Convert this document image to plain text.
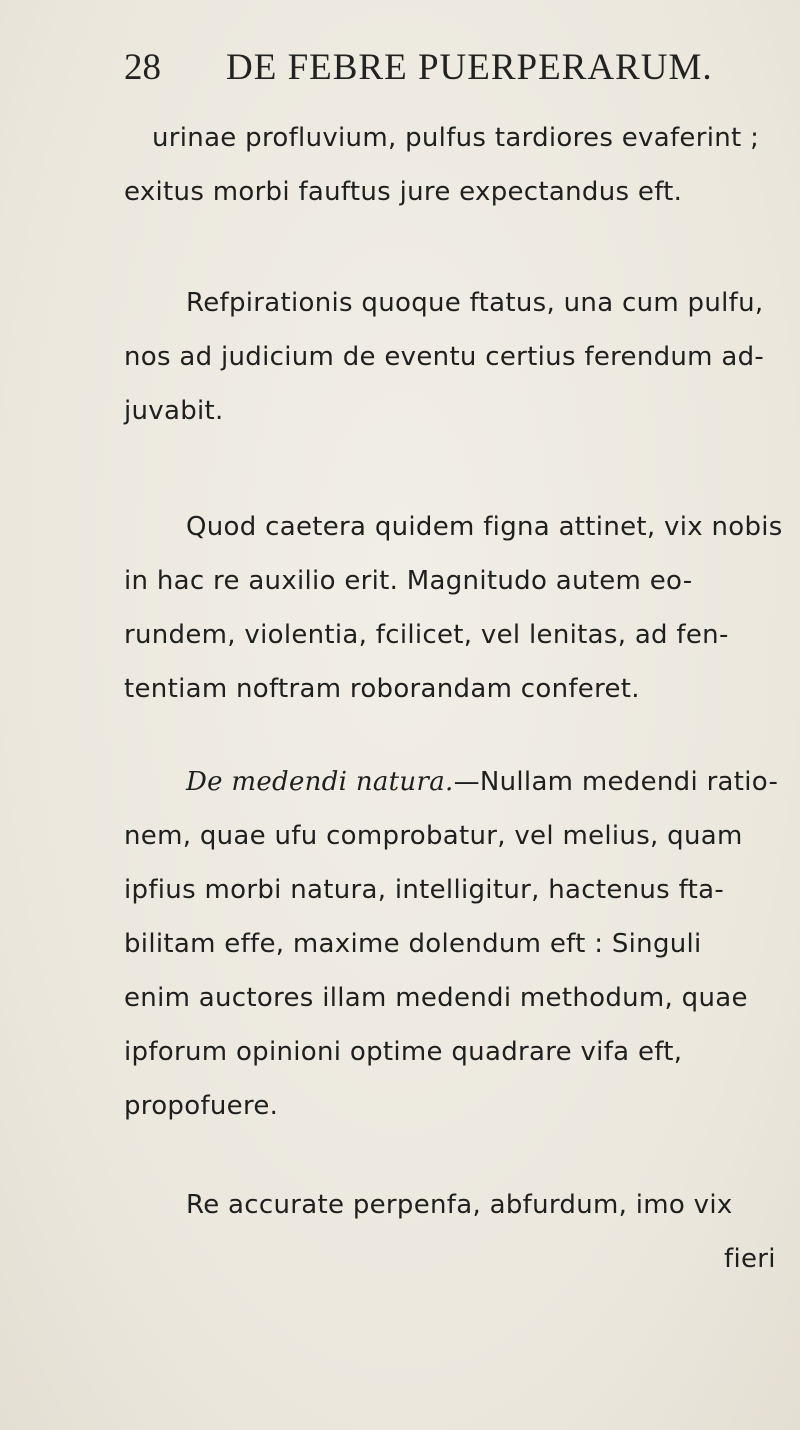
28 DE FEBRE PUERPERARUM.
urinae profluvium, pulfus tardiores evaferint ;
exitus morbi fauftus jure expectandus eft.
Refpirationis quoque ftatus, una cum pulfu,
nos ad judicium de eventu certius ferendum ad-
juvabit.
Quod caetera quidem figna attinet, vix nobis
in hac re auxilio erit. Magnitudo autem eo-
rundem, violentia, fcilicet, vel lenitas, ad fen-
tentiam noftram roborandam conferet.
De medendi natura.—Nullam medendi ratio-
nem, quae ufu comprobatur, vel melius, quam
ipfius morbi natura, intelligitur, hactenus fta-
bilitam effe, maxime dolendum eft : Singuli
enim auctores illam medendi methodum, quae
ipforum opinioni optime quadrare vifa eft,
propofuere.
Re accurate perpenfa, abfurdum, imo vix
fieri
